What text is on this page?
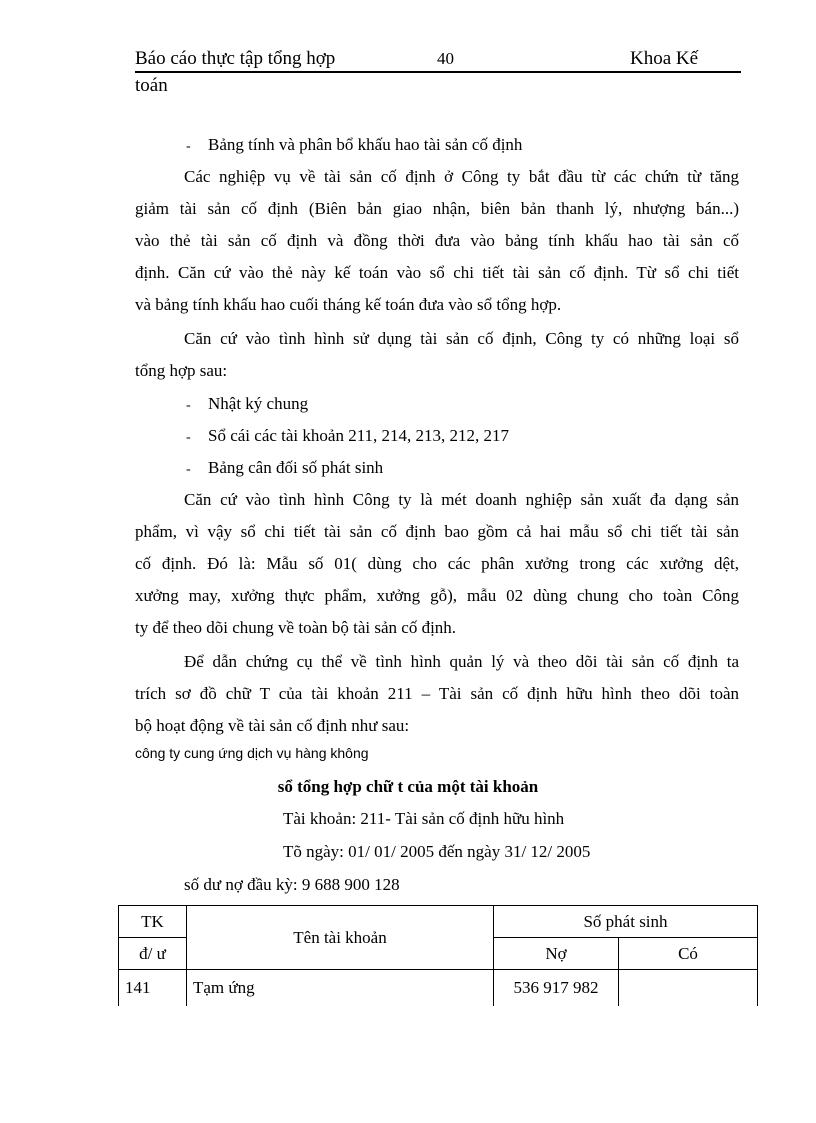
Báo cáo thực tập tổng hợp	40	Khoa Kế
toán
- Bảng tính và phân bổ khấu hao tài sản cố định
Các nghiệp vụ về tài sản cố định ở Công ty bắt đầu từ các chứn từ tăng
giảm tài sản cố định (Biên bản giao nhận, biên bản thanh lý, nhượng bán...)
vào thẻ tài sản cố định và đồng thời đưa vào bảng tính khấu hao tài sản cố
định. Căn cứ vào thẻ này kế toán vào sổ chi tiết tài sản cố định. Từ sổ chi tiết
và bảng tính khấu hao cuối tháng kế toán đưa vào sổ tổng hợp.
Căn cứ vào tình hình sử dụng tài sản cố định, Công ty có những loại sổ
tổng hợp sau:
- Nhật ký chung
- Sổ cái các tài khoản 211, 214, 213, 212, 217
- Bảng cân đối số phát sinh
Căn cứ vào tình hình Công ty là mét doanh nghiệp sản xuất đa dạng sản
phẩm, vì vậy sổ chi tiết tài sản cố định bao gồm cả hai mẫu sổ chi tiết tài sản
cố định. Đó là: Mẫu số 01( dùng cho các phân xưởng trong các xưởng dệt,
xưởng may, xưởng thực phẩm, xưởng gỗ), mẫu 02 dùng chung cho toàn Công
ty để theo dõi chung về toàn bộ tài sản cố định.
Để dẫn chứng cụ thể về tình hình quản lý và theo dõi tài sản cố định ta
trích sơ đồ chữ T của tài khoản 211 – Tài sản cố định hữu hình theo dõi toàn
bộ hoạt động về tài sản cố định như sau:
công ty cung ứng dịch vụ hàng không
sổ tổng hợp chữ t của một tài khoản
Tài khoản: 211- Tài sản cố định hữu hình
Tõ ngày: 01/ 01/ 2005 đến ngày 31/ 12/ 2005
số dư nợ đầu kỳ: 9 688 900 128
TK	Tên tài khoản	Số phát sinh	
đ/ ư		Nợ	Có
141	Tạm ứng	536 917 982	
